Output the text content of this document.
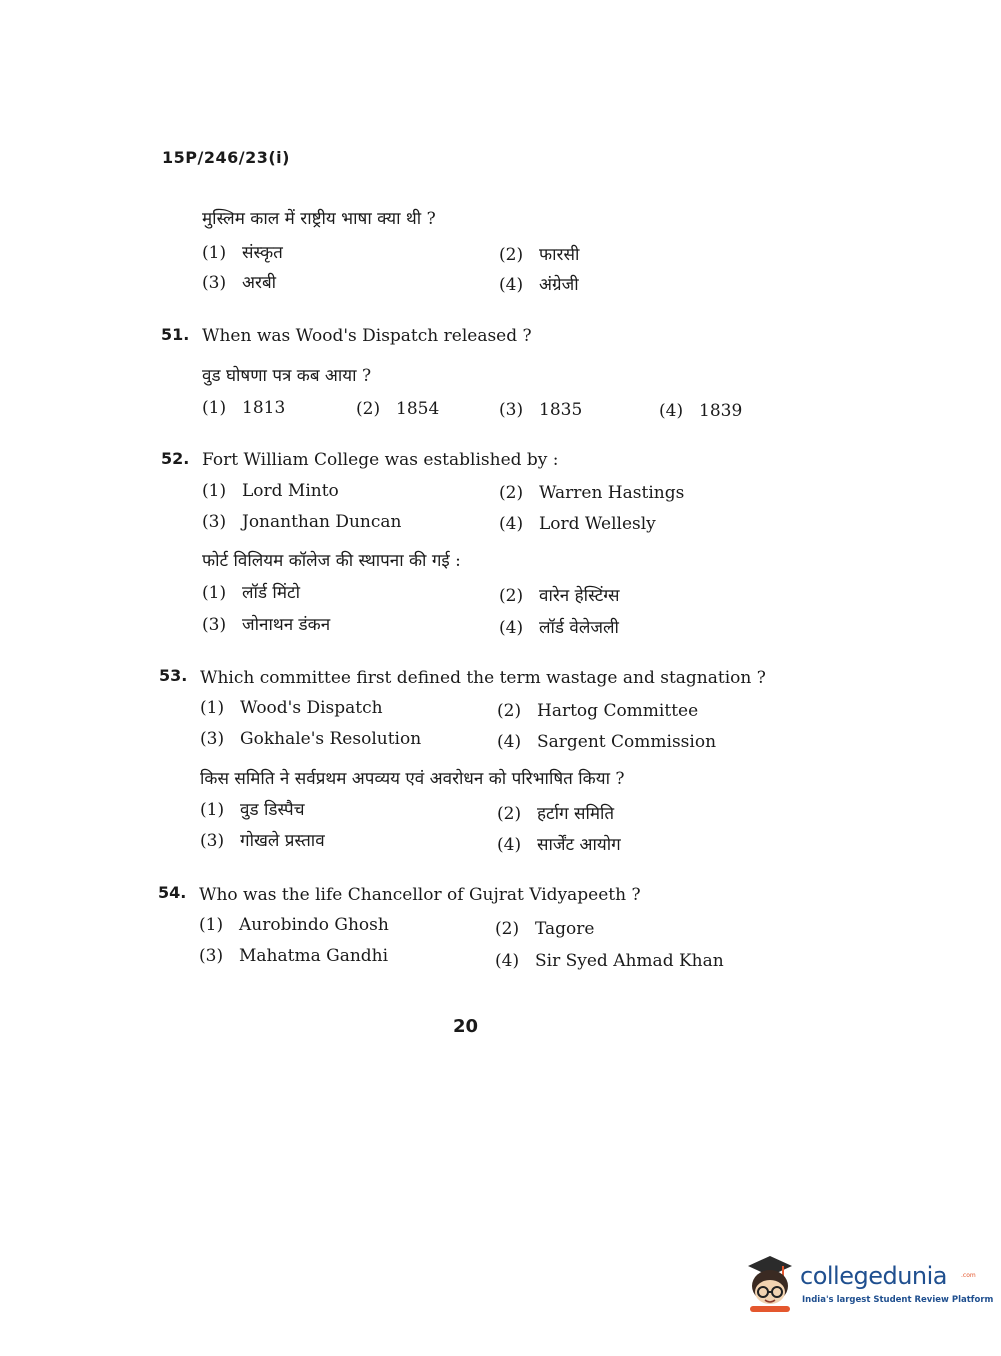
15P/246/23(i)
मुस्लिम काल में राष्ट्रीय भाषा क्या थी ?
(1) संस्कृत	(2) फारसी
(3) अरबी	(4) अंग्रेजी
51. When was Wood's Dispatch released ?
वुड घोषणा पत्र कब आया ?
(1) 1813	(2) 1854	(3) 1835	(4) 1839
52. Fort William College was established by :
(1) Lord Minto	(2) Warren Hastings
(3) Jonanthan Duncan	(4) Lord Wellesly
फोर्ट विलियम कॉलेज की स्थापना की गई :
(1) लॉर्ड मिंटो	(2) वारेन हेस्टिंग्स
(3) जोनाथन डंकन	(4) लॉर्ड वेलेजली
53. Which committee first defined the term wastage and stagnation ?
(1) Wood's Dispatch	(2) Hartog Committee
(3) Gokhale's Resolution	(4) Sargent Commission
किस समिति ने सर्वप्रथम अपव्यय एवं अवरोधन को परिभाषित किया ?
(1) वुड डिस्पैच	(2) हर्टाग समिति
(3) गोखले प्रस्ताव	(4) सार्जेंट आयोग
54. Who was the life Chancellor of Gujrat Vidyapeeth ?
(1) Aurobindo Ghosh	(2) Tagore
(3) Mahatma Gandhi	(4) Sir Syed Ahmad Khan
20
collegedunia .com
India's largest Student Review Platform
